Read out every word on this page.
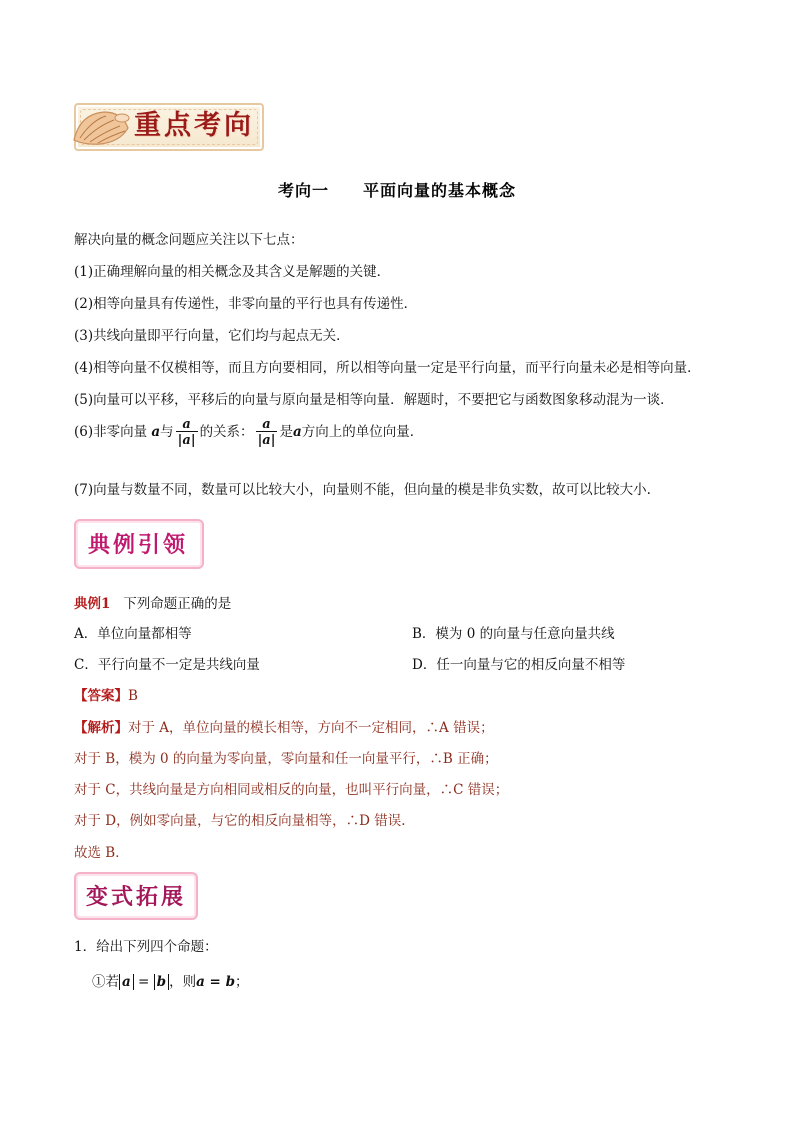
重点考向
考向一 平面向量的基本概念
解决向量的概念问题应关注以下七点：
(1)正确理解向量的相关概念及其含义是解题的关键．
(2)相等向量具有传递性，非零向量的平行也具有传递性．
(3)共线向量即平行向量，它们均与起点无关．
(4)相等向量不仅模相等，而且方向要相同，所以相等向量一定是平行向量，而平行向量未必是相等向量．
(5)向量可以平移，平移后的向量与原向量是相等向量．解题时，不要把它与函数图象移动混为一谈．
(6)非零向量 a与 $\frac{a}{|a|}$ 的关系： $\frac{a}{|a|}$ 是a方向上的单位向量．
(7)向量与数量不同，数量可以比较大小，向量则不能，但向量的模是非负实数，故可以比较大小.
典例引领
典例1 下列命题正确的是
A．单位向量都相等	B．模为 0 的向量与任意向量共线
C．平行向量不一定是共线向量	D．任一向量与它的相反向量不相等
【答案】B
【解析】对于 A，单位向量的模长相等，方向不一定相同，∴A 错误；
对于 B，模为 0 的向量为零向量，零向量和任一向量平行，∴B 正确；
对于 C，共线向量是方向相同或相反的向量，也叫平行向量，∴C 错误；
对于 D，例如零向量，与它的相反向量相等，∴D 错误.
故选 B．
变式拓展
1．给出下列四个命题：
①若 a = b ，则a = b；
